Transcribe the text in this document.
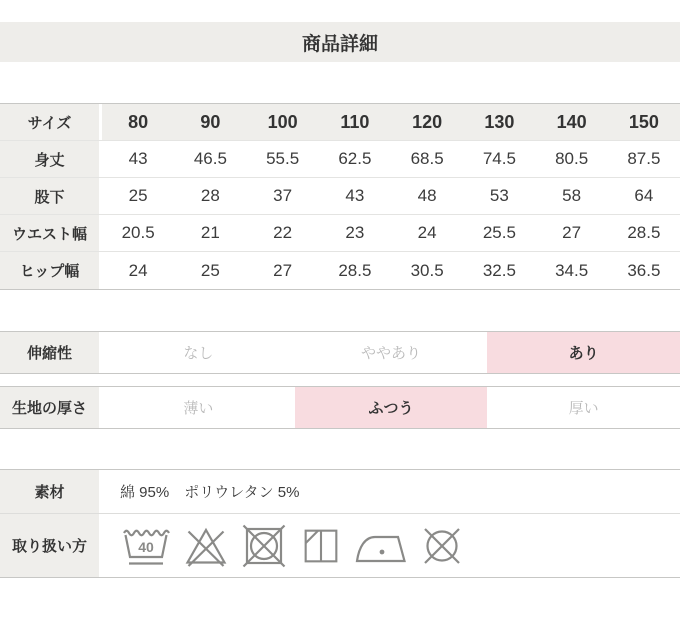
商品詳細
サイズ	80	90	100	110	120	130	140	150
身丈	43	46.5	55.5	62.5	68.5	74.5	80.5	87.5
股下	25	28	37	43	48	53	58	64
ウエスト幅	20.5	21	22	23	24	25.5	27	28.5
ヒップ幅	24	25	27	28.5	30.5	32.5	34.5	36.5
伸縮性	なし	ややあり	あり
生地の厚さ	薄い	ふつう	厚い
素材	綿 95%　ポリウレタン 5%
取り扱い方	40
